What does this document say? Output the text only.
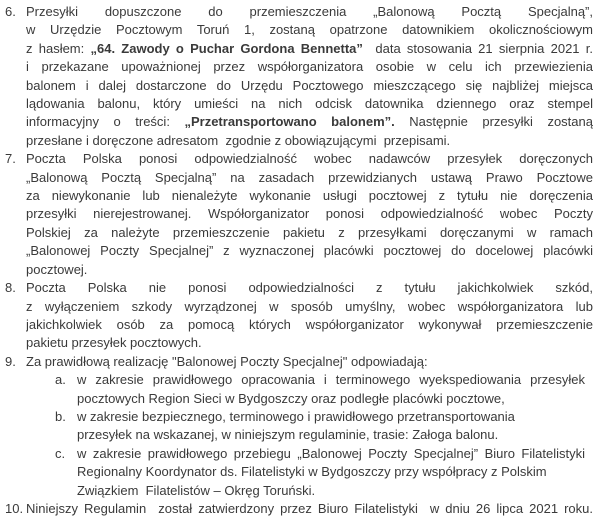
6. Przesyłki dopuszczone do przemieszczenia „Balonową Pocztą Specjalną”,
w Urzędzie Pocztowym Toruń 1, zostaną opatrzone datownikiem okolicznościowym
z hasłem: „64. Zawody o Puchar Gordona Bennetta”  data stosowania 21 sierpnia 2021 r.
i przekazane upoważnionej przez współorganizatora osobie w celu ich przewiezienia
balonem i dalej dostarczone do Urzędu Pocztowego mieszczącego się najbliżej miejsca
lądowania balonu, który umieści na nich odcisk datownika dziennego oraz stempel
informacyjny o treści: „Przetransportowano balonem”. Następnie przesyłki zostaną
przesłane i doręczone adresatom  zgodnie z obowiązującymi  przepisami.
7. Poczta Polska ponosi odpowiedzialność wobec nadawców przesyłek doręczonych
„Balonową Pocztą Specjalną” na zasadach przewidzianych ustawą Prawo Pocztowe
za niewykonanie lub nienależyte wykonanie usługi pocztowej z tytułu nie doręczenia
przesyłki nierejestrowanej. Współorganizator ponosi odpowiedzialność wobec Poczty
Polskiej za należyte przemieszczenie pakietu z przesyłkami doręczanymi w ramach
„Balonowej Poczty Specjalnej” z wyznaczonej placówki pocztowej do docelowej placówki
pocztowej.
8. Poczta Polska nie ponosi odpowiedzialności z tytułu jakichkolwiek szkód,
z wyłączeniem szkody wyrządzonej w sposób umyślny, wobec współorganizatora lub
jakichkolwiek osób za pomocą których współorganizator wykonywał przemieszczenie
pakietu przesyłek pocztowych.
9. Za prawidłową realizację "Balonowej Poczty Specjalnej" odpowiadają:
a. w zakresie prawidłowego opracowania i terminowego wyekspediowania przesyłek
pocztowych Region Sieci w Bydgoszczy oraz podległe placówki pocztowe,
b. w zakresie bezpiecznego, terminowego i prawidłowego przetransportowania
przesyłek na wskazanej, w niniejszym regulaminie, trasie: Załoga balonu.
c. w zakresie prawidłowego przebiegu „Balonowej Poczty Specjalnej” Biuro Filatelistyki
Regionalny Koordynator ds. Filatelistyki w Bydgoszczy przy współpracy z Polskim
Związkiem  Filatelistów – Okręg Toruński.
10. Niniejszy Regulamin  został zatwierdzony przez Biuro Filatelistyki  w dniu 26 lipca 2021 roku.
